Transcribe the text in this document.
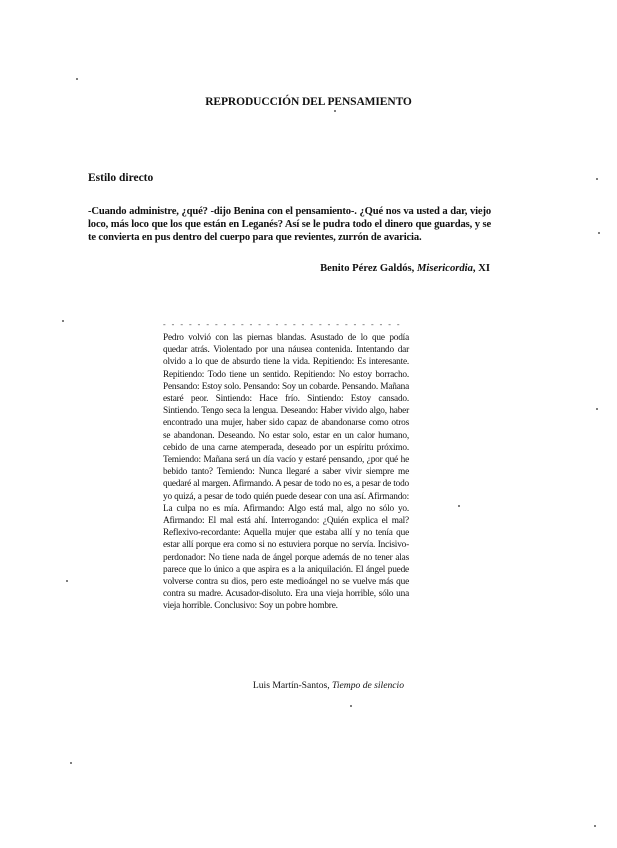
REPRODUCCIÓN DEL PENSAMIENTO
Estilo directo
-Cuando administre, ¿qué? -dijo Benina con el pensamiento-. ¿Qué nos va usted a dar, viejo loco, más loco que los que están en Leganés? Así se le pudra todo el dinero que guardas, y se te convierta en pus dentro del cuerpo para que revientes, zurrón de avaricia.
Benito Pérez Galdós, Misericordia, XI
- - - - - - - - - - - - - - - - - - - - - - - - - - - -
Pedro volvió con las piernas blandas. Asustado de lo que podía quedar atrás. Violentado por una náusea contenida. Intentando dar olvido a lo que de absurdo tiene la vida. Repitiendo: Es interesante. Repitiendo: Todo tiene un sentido. Repitiendo: No estoy borracho. Pensando: Estoy solo. Pensando: Soy un cobarde. Pensando. Mañana estaré peor. Sintiendo: Hace frío. Sintiendo: Estoy cansado. Sintiendo. Tengo seca la lengua. Deseando: Haber vivido algo, haber encontrado una mujer, haber sido capaz de abandonarse como otros se abandonan. Deseando. No estar solo, estar en un calor humano, cebido de una carne atemperada, deseado por un espíritu próximo. Temiendo: Mañana será un día vacío y estaré pensando, ¿por qué he bebido tanto? Temiendo: Nunca llegaré a saber vivir siempre me quedaré al margen. Afirmando. A pesar de todo no es, a pesar de todo yo quizá, a pesar de todo quién puede desear con una así. Afirmando: La culpa no es mía. Afirmando: Algo está mal, algo no sólo yo. Afirmando: El mal está ahí. Interrogando: ¿Quién explica el mal? Reflexivo-recordante: Aquella mujer que estaba allí y no tenía que estar allí porque era como si no estuviera porque no servía. Incisivo-perdonador: No tiene nada de ángel porque además de no tener alas parece que lo único a que aspira es a la aniquilación. El ángel puede volverse contra su dios, pero este medioángel no se vuelve más que contra su madre. Acusador-disoluto. Era una vieja horrible, sólo una vieja horrible. Conclusivo: Soy un pobre hombre.
Luis Martín-Santos, Tiempo de silencio
